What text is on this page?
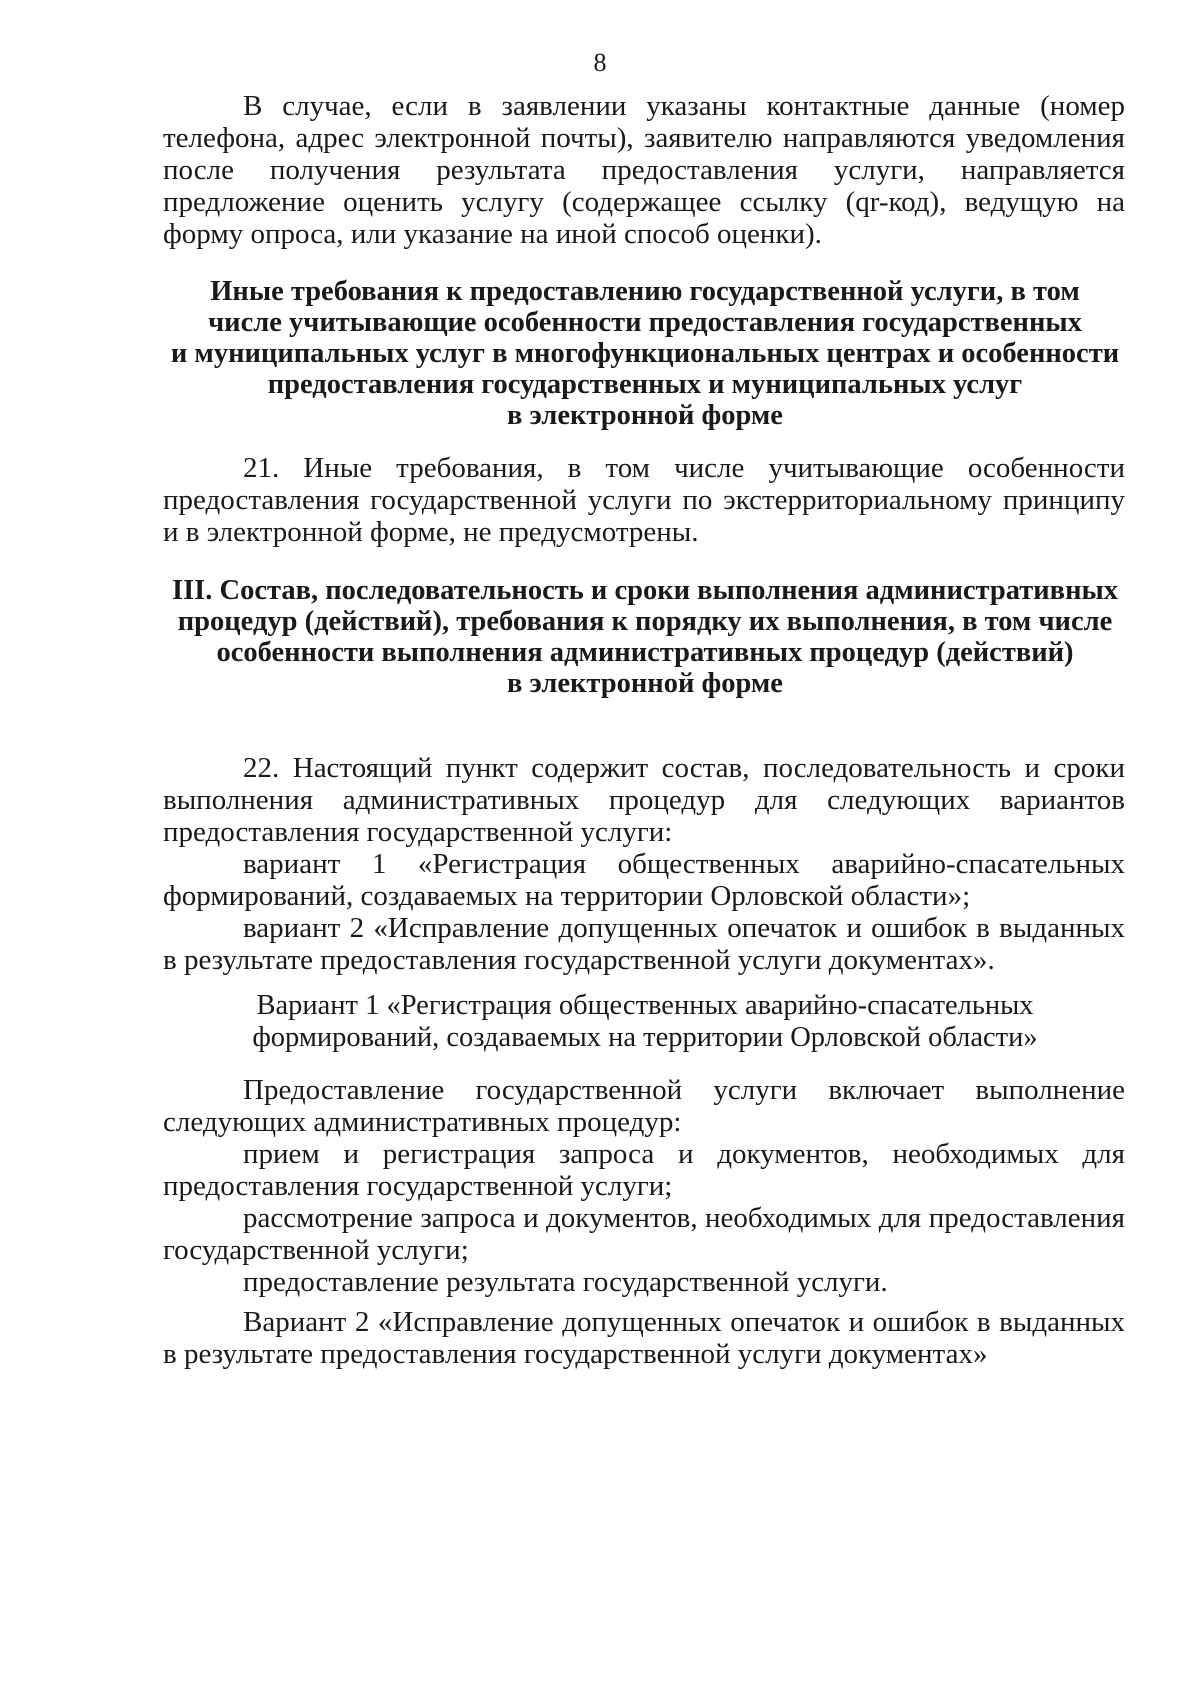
8

В случае, если в заявлении указаны контактные данные (номер телефона, адрес электронной почты), заявителю направляются уведомления после получения результата предоставления услуги, направляется предложение оценить услугу (содержащее ссылку (qr-код), ведущую на форму опроса, или указание на иной способ оценки).

Иные требования к предоставлению государственной услуги, в том
числе учитывающие особенности предоставления государственных
и муниципальных услуг в многофункциональных центрах и особенности
предоставления государственных и муниципальных услуг
в электронной форме

21. Иные требования, в том числе учитывающие особенности предоставления государственной услуги по экстерриториальному принципу и в электронной форме, не предусмотрены.

III. Состав, последовательность и сроки выполнения административных
процедур (действий), требования к порядку их выполнения, в том числе
особенности выполнения административных процедур (действий)
в электронной форме

22. Настоящий пункт содержит состав, последовательность и сроки выполнения административных процедур для следующих вариантов предоставления государственной услуги:

вариант 1 «Регистрация общественных аварийно-спасательных формирований, создаваемых на территории Орловской области»;

вариант 2 «Исправление допущенных опечаток и ошибок в выданных в результате предоставления государственной услуги документах».

Вариант 1 «Регистрация общественных аварийно-спасательных
формирований, создаваемых на территории Орловской области»

Предоставление государственной услуги включает выполнение следующих административных процедур:

прием и регистрация запроса и документов, необходимых для предоставления государственной услуги;

рассмотрение запроса и документов, необходимых для предоставления государственной услуги;

предоставление результата государственной услуги.

Вариант 2 «Исправление допущенных опечаток и ошибок в выданных в результате предоставления государственной услуги документах»
